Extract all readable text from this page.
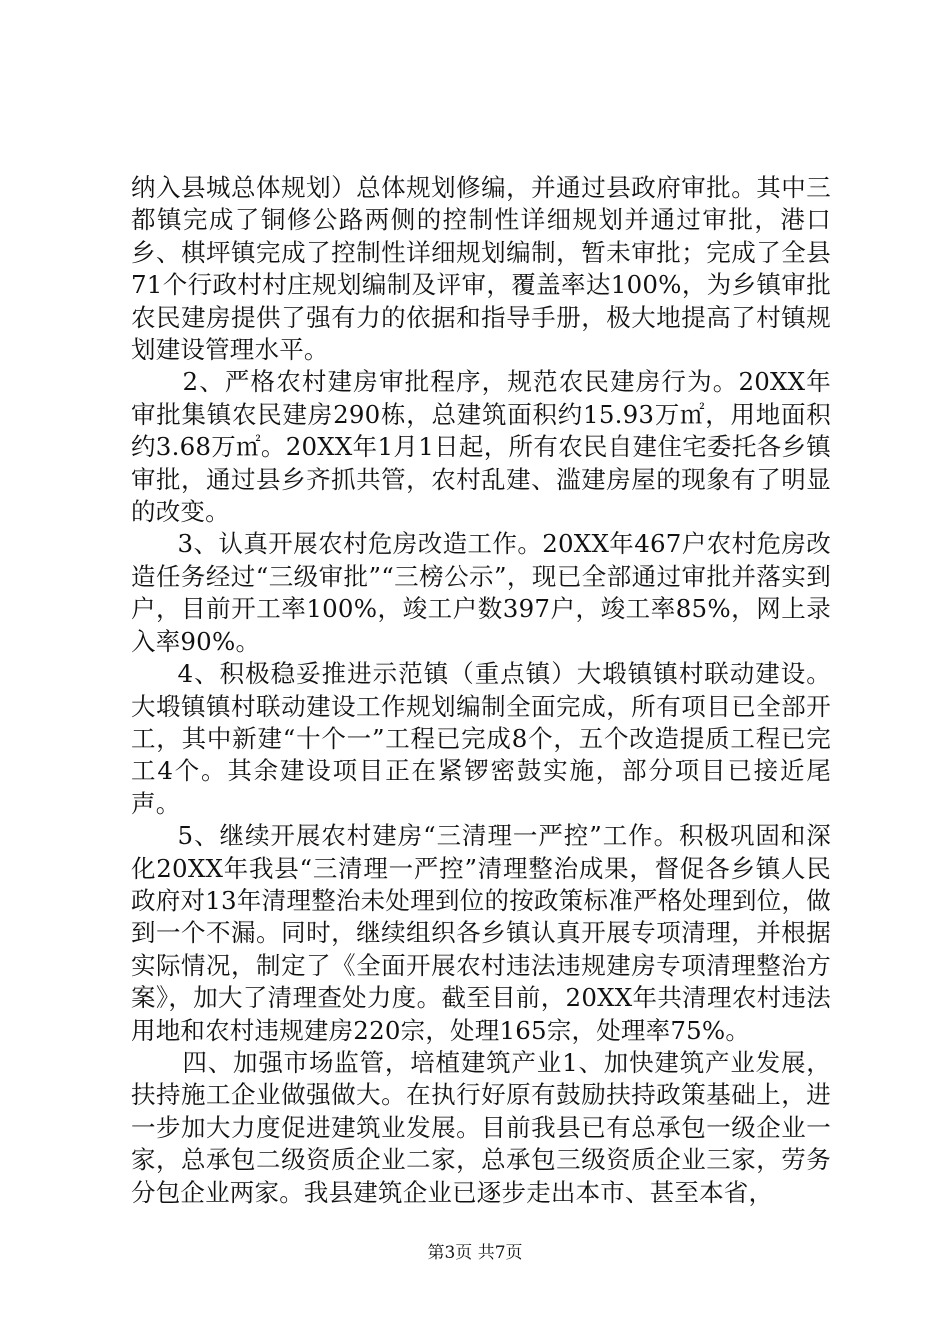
纳入县城总体规划）总体规划修编，并通过县政府审批。其中三都镇完成了铜修公路两侧的控制性详细规划并通过审批，港口乡、棋坪镇完成了控制性详细规划编制，暂未审批；完成了全县71个行政村村庄规划编制及评审，覆盖率达100%，为乡镇审批农民建房提供了强有力的依据和指导手册，极大地提高了村镇规划建设管理水平。

2、严格农村建房审批程序，规范农民建房行为。20XX年审批集镇农民建房290栋，总建筑面积约15.93万㎡，用地面积约3.68万㎡。20XX年1月1日起，所有农民自建住宅委托各乡镇审批，通过县乡齐抓共管，农村乱建、滥建房屋的现象有了明显的改变。

3、认真开展农村危房改造工作。20XX年467户农村危房改造任务经过“三级审批”“三榜公示”，现已全部通过审批并落实到户，目前开工率100%，竣工户数397户，竣工率85%，网上录入率90%。

4、积极稳妥推进示范镇（重点镇）大塅镇镇村联动建设。大塅镇镇村联动建设工作规划编制全面完成，所有项目已全部开工，其中新建“十个一”工程已完成8个，五个改造提质工程已完工4个。其余建设项目正在紧锣密鼓实施，部分项目已接近尾声。

5、继续开展农村建房“三清理一严控”工作。积极巩固和深化20XX年我县“三清理一严控”清理整治成果，督促各乡镇人民政府对13年清理整治未处理到位的按政策标准严格处理到位，做到一个不漏。同时，继续组织各乡镇认真开展专项清理，并根据实际情况，制定了《全面开展农村违法违规建房专项清理整治方案》，加大了清理查处力度。截至目前，20XX年共清理农村违法用地和农村违规建房220宗，处理165宗，处理率75%。

四、加强市场监管，培植建筑产业1、加快建筑产业发展，扶持施工企业做强做大。在执行好原有鼓励扶持政策基础上，进一步加大力度促进建筑业发展。目前我县已有总承包一级企业一家，总承包二级资质企业二家，总承包三级资质企业三家，劳务分包企业两家。我县建筑企业已逐步走出本市、甚至本省，

第3页 共7页
